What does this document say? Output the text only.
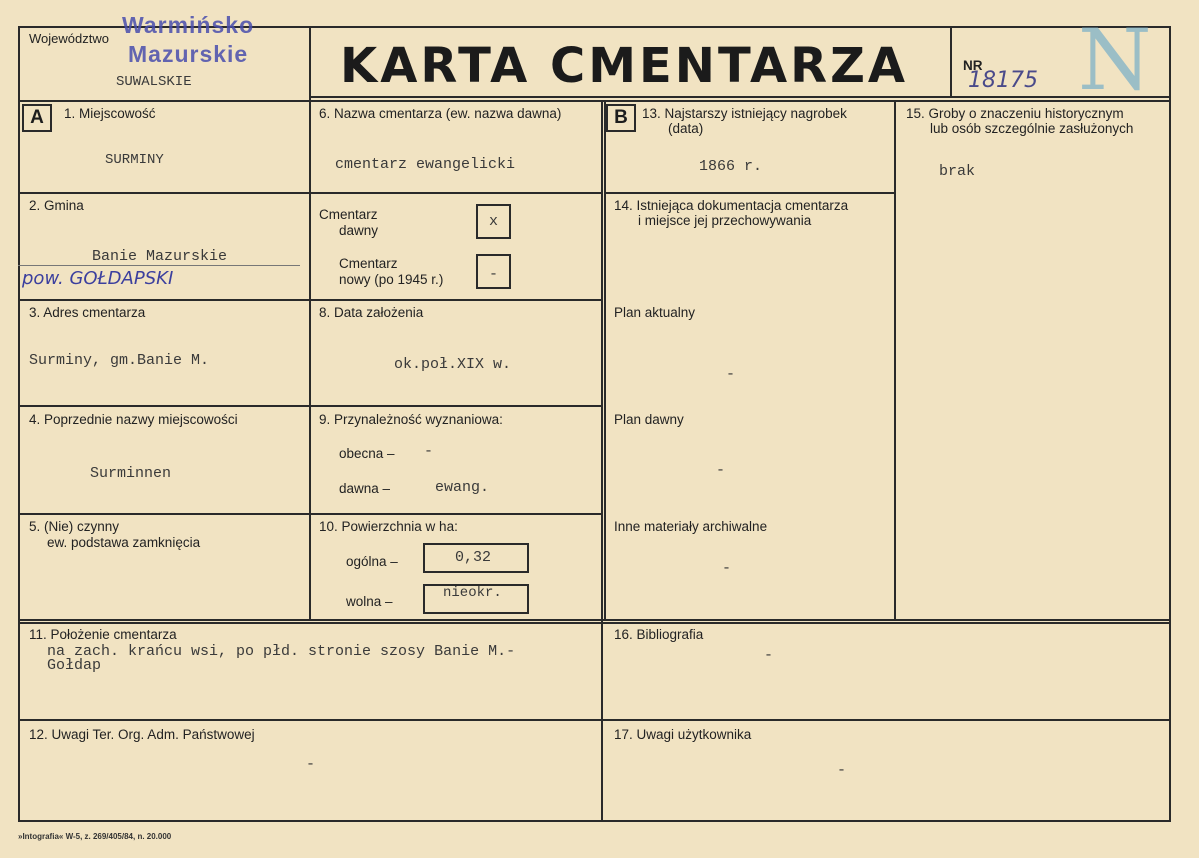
Województwo
Warmińsko
Mazurskie
SUWALSKIE	KARTA CMENTARZA	NR
18175 N
A	1. Miejscowość
SURMINY
2. Gmina
Banie Mazurskie
pow. GOŁDAPSKI
3. Adres cmentarza
Surminy, gm.Banie M.
4. Poprzednie nazwy miejscowości
Surminnen
5. (Nie) czynny
ew. podstawa zamknięcia
6. Nazwa cmentarza (ew. nazwa dawna)
cmentarz ewangelicki
Cmentarz
dawny
x
Cmentarz
nowy (po 1945 r.)	-
8. Data założenia
ok.poł.XIX w.
9. Przynależność wyznaniowa:
obecna – -
dawna –	ewang.
10. Powierzchnia w ha:
ogólna –	0,32
wolna –
nieokr.
B	13. Najstarszy istniejący nagrobek
(data)
1866 r.
14. Istniejąca dokumentacja cmentarza
i miejsce jej przechowywania
Plan aktualny
-
Plan dawny
-
Inne materiały archiwalne
-
15. Groby o znaczeniu historycznym
lub osób szczególnie zasłużonych
brak
11. Położenie cmentarza
na zach. krańcu wsi, po płd. stronie szosy Banie M.-
Gołdap
16. Bibliografia
-
12. Uwagi Ter. Org. Adm. Państwowej
-
17. Uwagi użytkownika
-
»Intografia« W-5, z. 269/405/84, n. 20.000
